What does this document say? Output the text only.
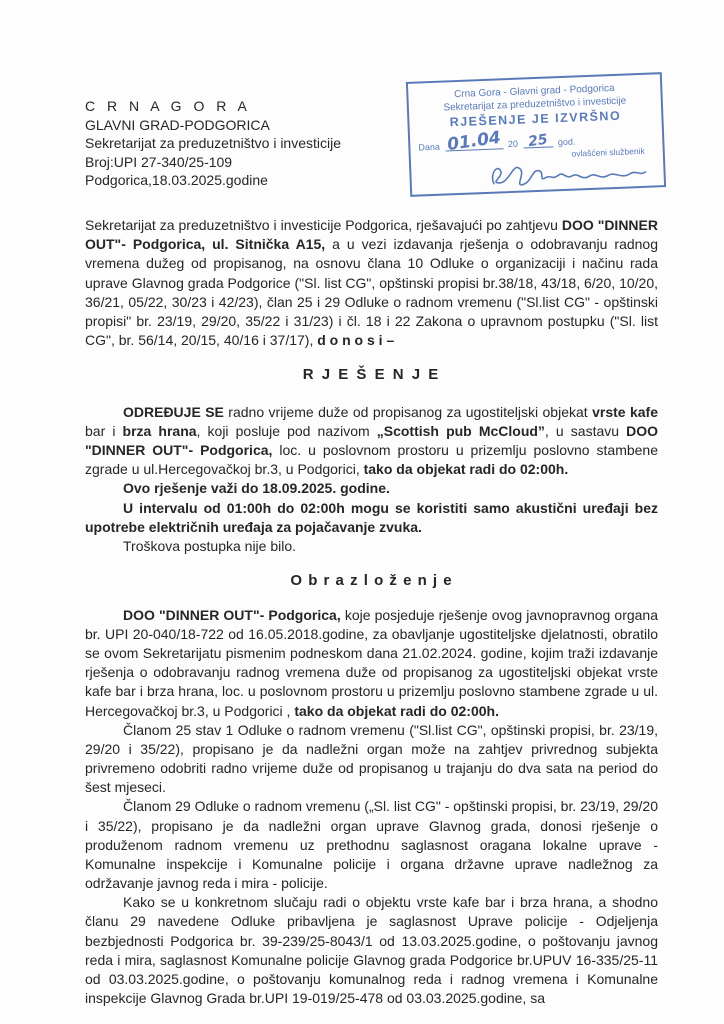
Crna Gora - Glavni grad - Podgorica
Sekretarijat za preduzetništvo i investicije
RJEŠENJE JE IZVRŠNO
Dana 01.04 20 25	god.
ovlašćeni službenik
C R N A G O R A
GLAVNI GRAD-PODGORICA
Sekretarijat za preduzetništvo i investicije
Broj:UPI 27-340/25-109
Podgorica,18.03.2025.godine

Sekretarijat za preduzetništvo i investicije Podgorica, rješavajući po zahtjevu DOO "DINNER OUT"- Podgorica, ul. Sitnička A15, a u vezi izdavanja rješenja o odobravanju radnog vremena dužeg od propisanog, na osnovu člana 10 Odluke o organizaciji i načinu rada uprave Glavnog grada Podgorice ("Sl. list CG", opštinski propisi br.38/18, 43/18, 6/20, 10/20, 36/21, 05/22, 30/23 i 42/23), član 25 i 29 Odluke o radnom vremenu ("Sl.list CG" - opštinski propisi" br. 23/19, 29/20, 35/22 i 31/23) i čl. 18 i 22 Zakona o upravnom postupku ("Sl. list CG", br. 56/14, 20/15, 40/16 i 37/17), d o n o s i –

R J E Š E N J E

ODREĐUJE SE radno vrijeme duže od propisanog za ugostiteljski objekat vrste kafe bar i brza hrana, koji posluje pod nazivom „Scottish pub McCloud”, u sastavu DOO "DINNER OUT"- Podgorica, loc. u poslovnom prostoru u prizemlju poslovno stambene zgrade u ul.Hercegovačkoj br.3, u Podgorici, tako da objekat radi do 02:00h.

Ovo rješenje važi do 18.09.2025. godine.

U intervalu od 01:00h do 02:00h mogu se koristiti samo akustični uređaji bez upotrebe električnih uređaja za pojačavanje zvuka.

Troškova postupka nije bilo.

O b r a z l o ž e n j e

DOO "DINNER OUT"- Podgorica, koje posjeduje rješenje ovog javnopravnog organa br. UPI 20-040/18-722 od 16.05.2018.godine, za obavljanje ugostiteljske djelatnosti, obratilo se ovom Sekretarijatu pismenim podneskom dana 21.02.2024. godine, kojim traži izdavanje rješenja o odobravanju radnog vremena duže od propisanog za ugostiteljski objekat vrste kafe bar i brza hrana, loc. u poslovnom prostoru u prizemlju poslovno stambene zgrade u ul. Hercegovačkoj br.3, u Podgorici , tako da objekat radi do 02:00h.

Članom 25 stav 1 Odluke o radnom vremenu ("Sl.list CG", opštinski propisi, br. 23/19, 29/20 i 35/22), propisano je da nadležni organ može na zahtjev privrednog subjekta privremeno odobriti radno vrijeme duže od propisanog u trajanju do dva sata na period do šest mjeseci.

Članom 29 Odluke o radnom vremenu („Sl. list CG" - opštinski propisi, br. 23/19, 29/20 i 35/22), propisano je da nadležni organ uprave Glavnog grada, donosi rješenje o produženom radnom vremenu uz prethodnu saglasnost oragana lokalne uprave - Komunalne inspekcije i Komunalne policije i organa državne uprave nadležnog za održavanje javnog reda i mira - policije.

Kako se u konkretnom slučaju radi o objektu vrste kafe bar i brza hrana, a shodno članu 29 navedene Odluke pribavljena je saglasnost Uprave policije - Odjeljenja bezbjednosti Podgorica br. 39-239/25-8043/1 od 13.03.2025.godine, o poštovanju javnog reda i mira, saglasnost Komunalne policije Glavnog grada Podgorice br.UPUV 16-335/25-11 od 03.03.2025.godine, o poštovanju komunalnog reda i radnog vremena i Komunalne inspekcije Glavnog Grada br.UPI 19-019/25-478 od 03.03.2025.godine, sa
